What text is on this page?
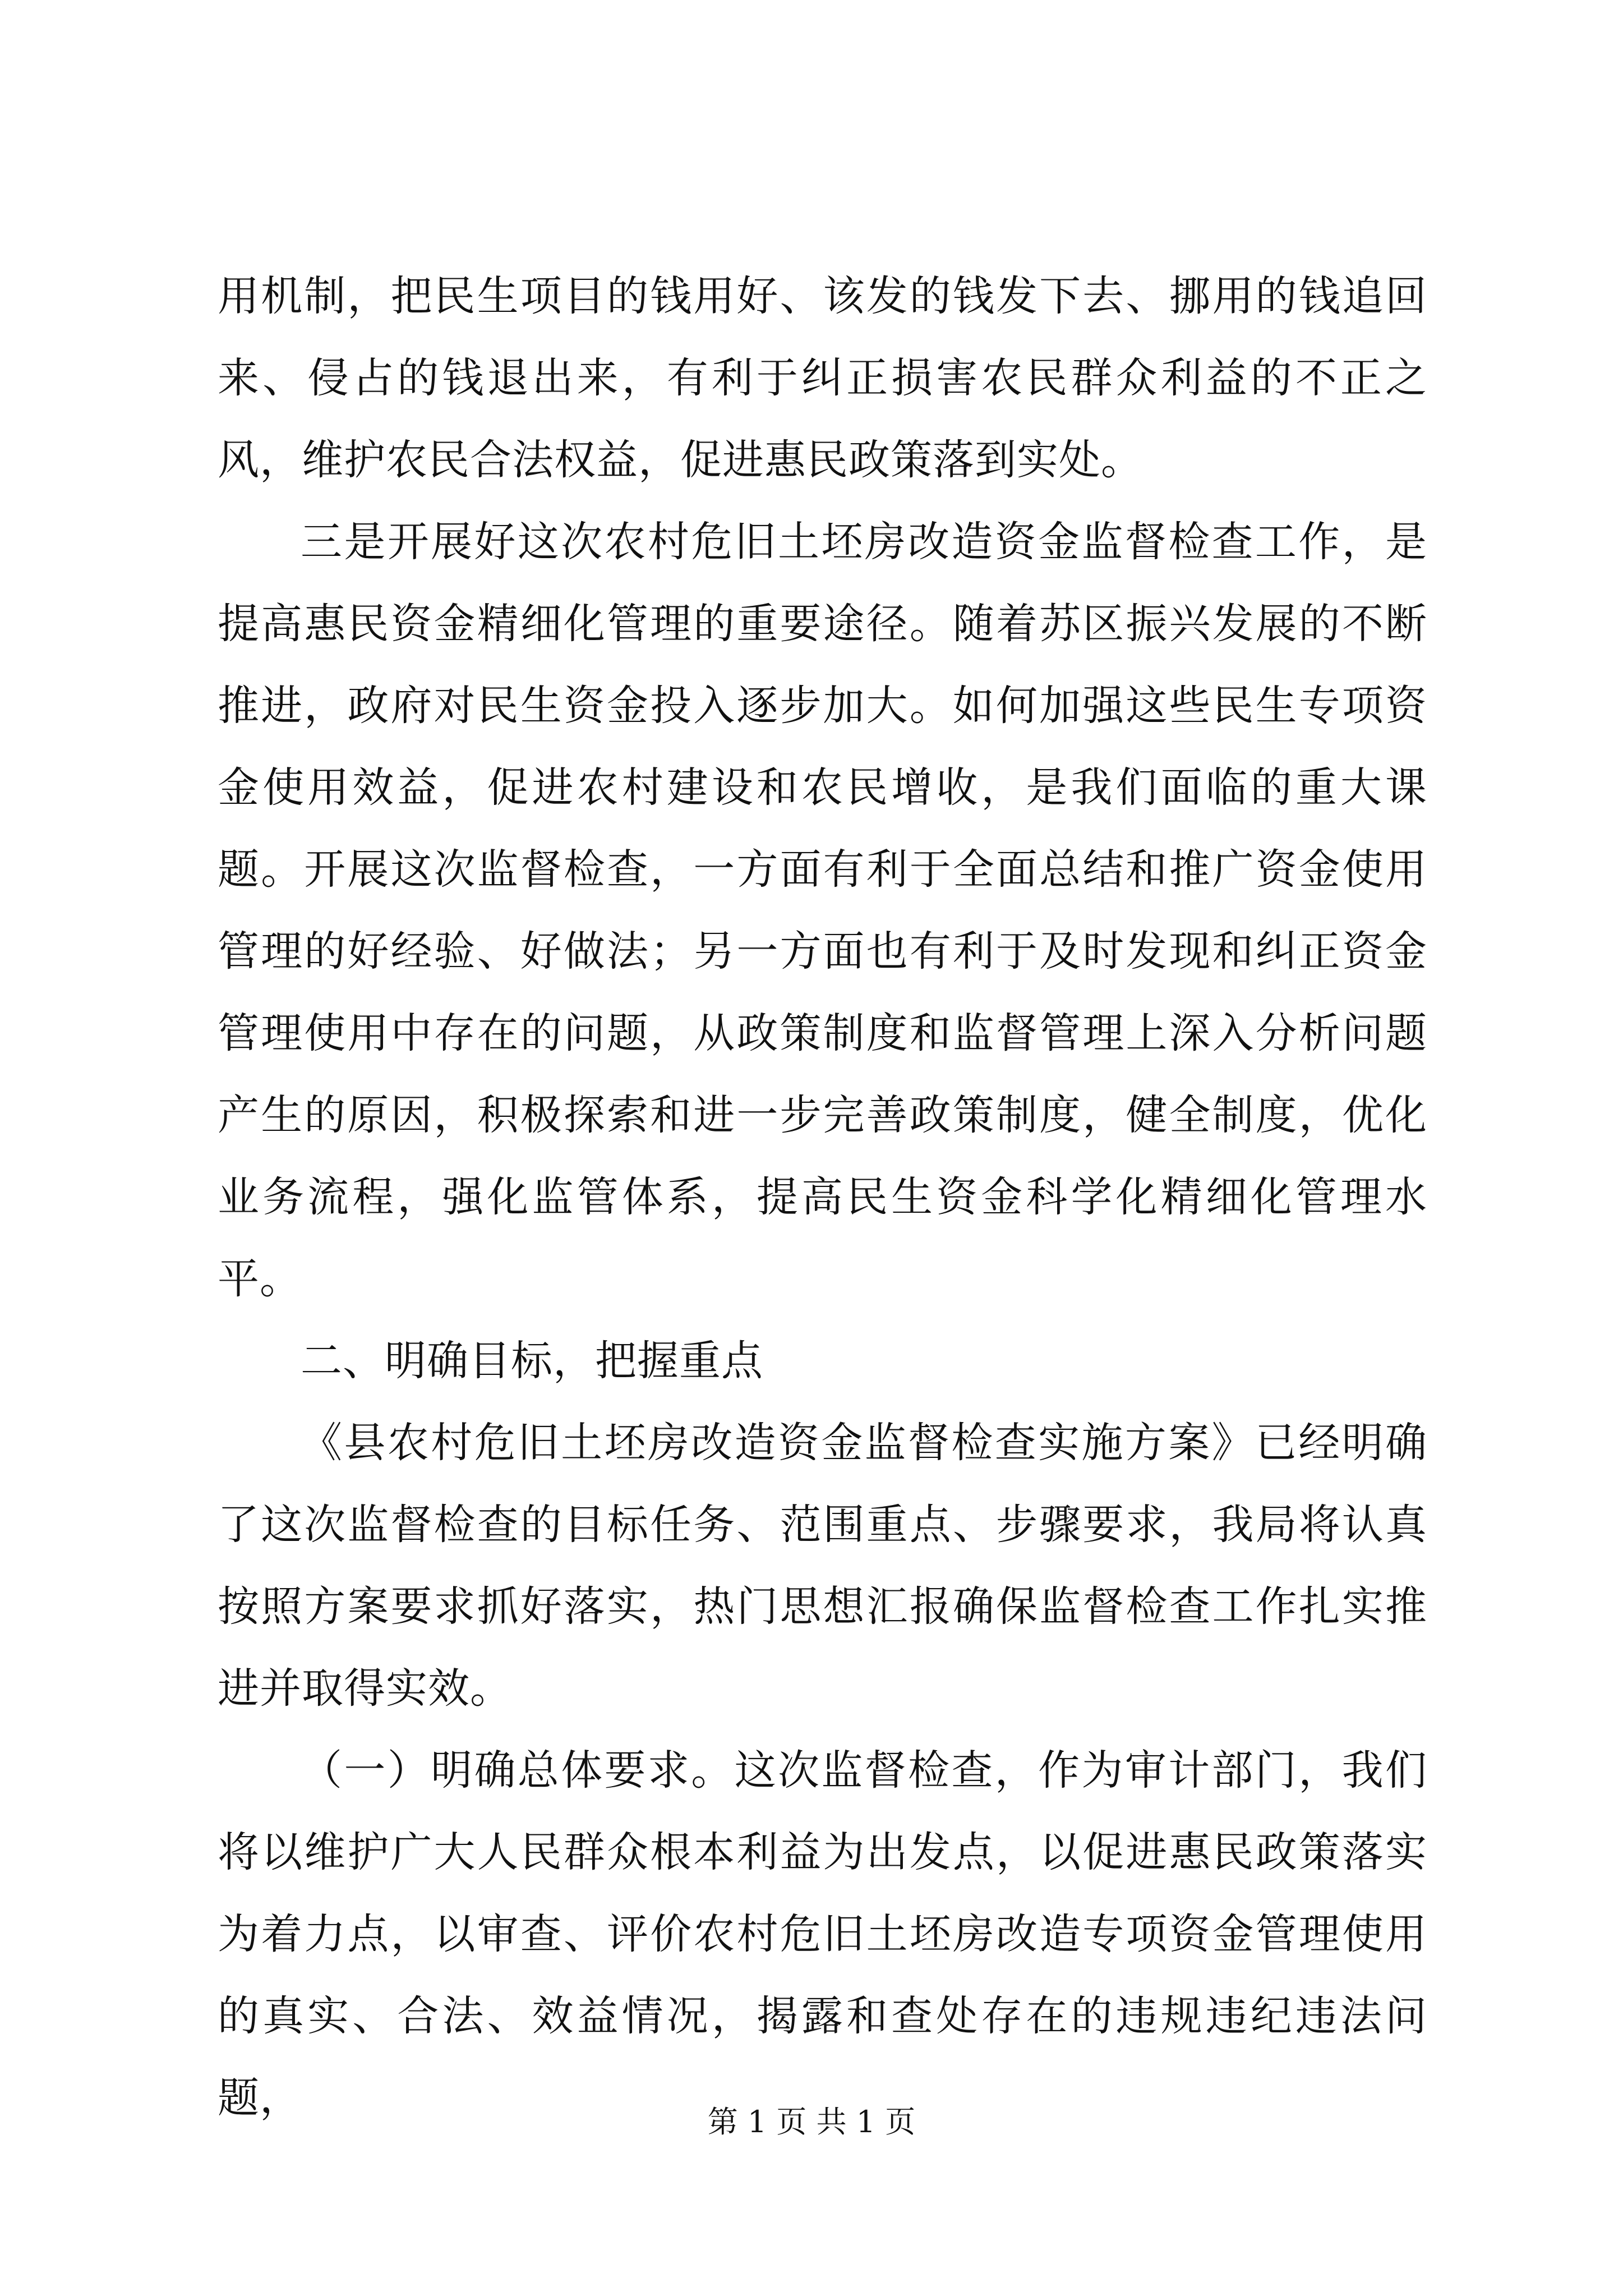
用机制，把民生项目的钱用好、该发的钱发下去、挪用的钱追回来、侵占的钱退出来，有利于纠正损害农民群众利益的不正之风，维护农民合法权益，促进惠民政策落到实处。

三是开展好这次农村危旧土坯房改造资金监督检查工作，是提高惠民资金精细化管理的重要途径。随着苏区振兴发展的不断推进，政府对民生资金投入逐步加大。如何加强这些民生专项资金使用效益，促进农村建设和农民增收，是我们面临的重大课题。开展这次监督检查，一方面有利于全面总结和推广资金使用管理的好经验、好做法；另一方面也有利于及时发现和纠正资金管理使用中存在的问题，从政策制度和监督管理上深入分析问题产生的原因，积极探索和进一步完善政策制度，健全制度，优化业务流程，强化监管体系，提高民生资金科学化精细化管理水平。

二、明确目标，把握重点

《县农村危旧土坯房改造资金监督检查实施方案》已经明确了这次监督检查的目标任务、范围重点、步骤要求，我局将认真按照方案要求抓好落实，热门思想汇报确保监督检查工作扎实推进并取得实效。

（一）明确总体要求。这次监督检查，作为审计部门，我们将以维护广大人民群众根本利益为出发点，以促进惠民政策落实为着力点，以审查、评价农村危旧土坯房改造专项资金管理使用的真实、合法、效益情况，揭露和查处存在的违规违纪违法问题，	第 1 页 共 1 页
